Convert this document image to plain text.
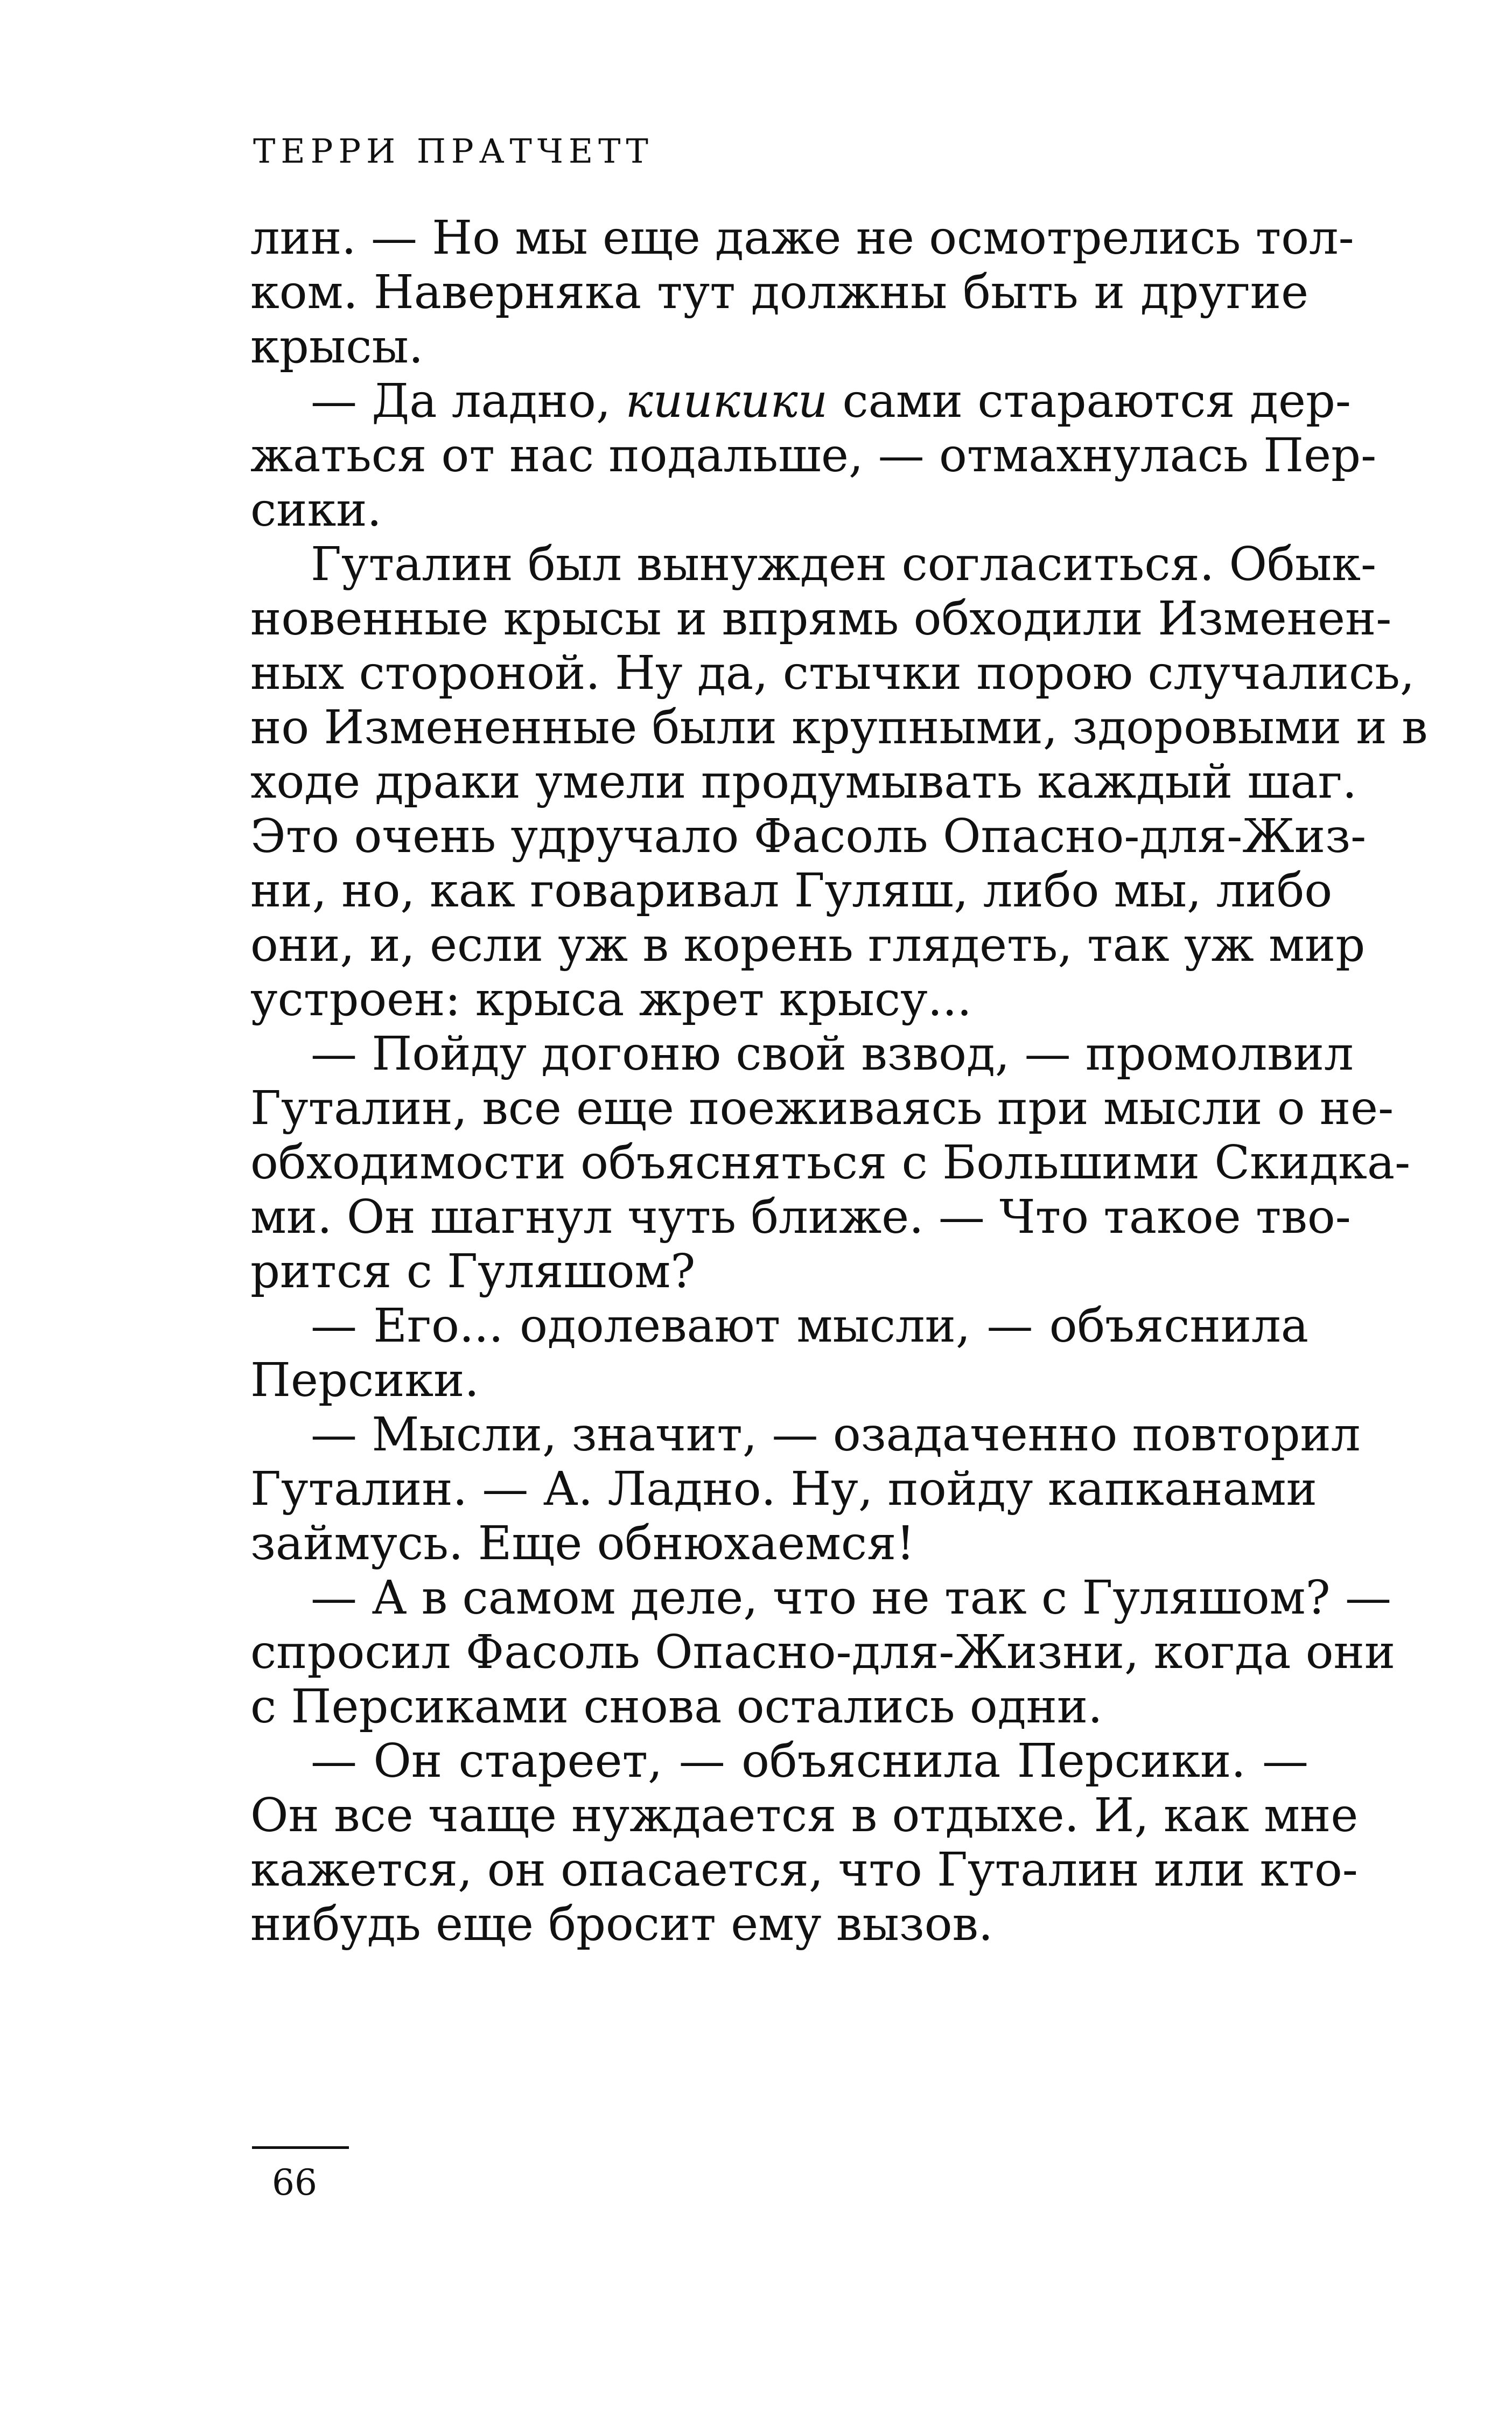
ТЕРРИ ПРАТЧЕТТ
лин. — Но мы еще даже не осмотрелись тол-
ком. Наверняка тут должны быть и другие
крысы.
— Да ладно, киикики сами стараются дер-
жаться от нас подальше, — отмахнулась Пер-
сики.
Гуталин был вынужден согласиться. Обык-
новенные крысы и впрямь обходили Изменен-
ных стороной. Ну да, стычки порою случались,
но Измененные были крупными, здоровыми и в
ходе драки умели продумывать каждый шаг.
Это очень удручало Фасоль Опасно-для-Жиз-
ни, но, как говаривал Гуляш, либо мы, либо
они, и, если уж в корень глядеть, так уж мир
устроен: крыса жрет крысу...
— Пойду догоню свой взвод, — промолвил
Гуталин, все еще поеживаясь при мысли о не-
обходимости объясняться с Большими Скидка-
ми. Он шагнул чуть ближе. — Что такое тво-
рится с Гуляшом?
— Его... одолевают мысли, — объяснила
Персики.
— Мысли, значит, — озадаченно повторил
Гуталин. — А. Ладно. Ну, пойду капканами
займусь. Еще обнюхаемся!
— А в самом деле, что не так с Гуляшом? —
спросил Фасоль Опасно-для-Жизни, когда они
с Персиками снова остались одни.
— Он стареет, — объяснила Персики. —
Он все чаще нуждается в отдыхе. И, как мне
кажется, он опасается, что Гуталин или кто-
нибудь еще бросит ему вызов.
66
